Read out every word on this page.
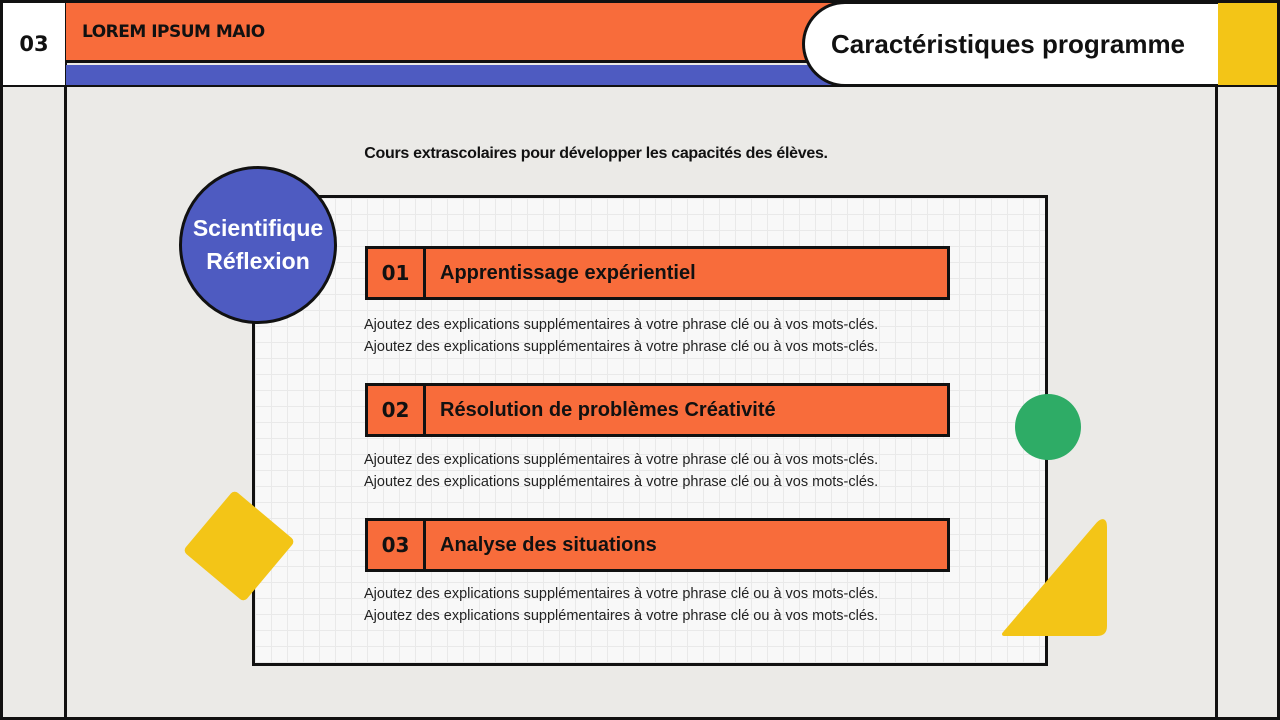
03	LOREM IPSUM MAIO	Caractéristiques programme
Cours extrascolaires pour développer les capacités des élèves.
Scientifique
Réflexion	01	Apprentissage expérientiel
Ajoutez des explications supplémentaires à votre phrase clé ou à vos mots-clés.
Ajoutez des explications supplémentaires à votre phrase clé ou à vos mots-clés.
02	Résolution de problèmes Créativité
Ajoutez des explications supplémentaires à votre phrase clé ou à vos mots-clés.
Ajoutez des explications supplémentaires à votre phrase clé ou à vos mots-clés.
03	Analyse des situations
Ajoutez des explications supplémentaires à votre phrase clé ou à vos mots-clés.
Ajoutez des explications supplémentaires à votre phrase clé ou à vos mots-clés.
